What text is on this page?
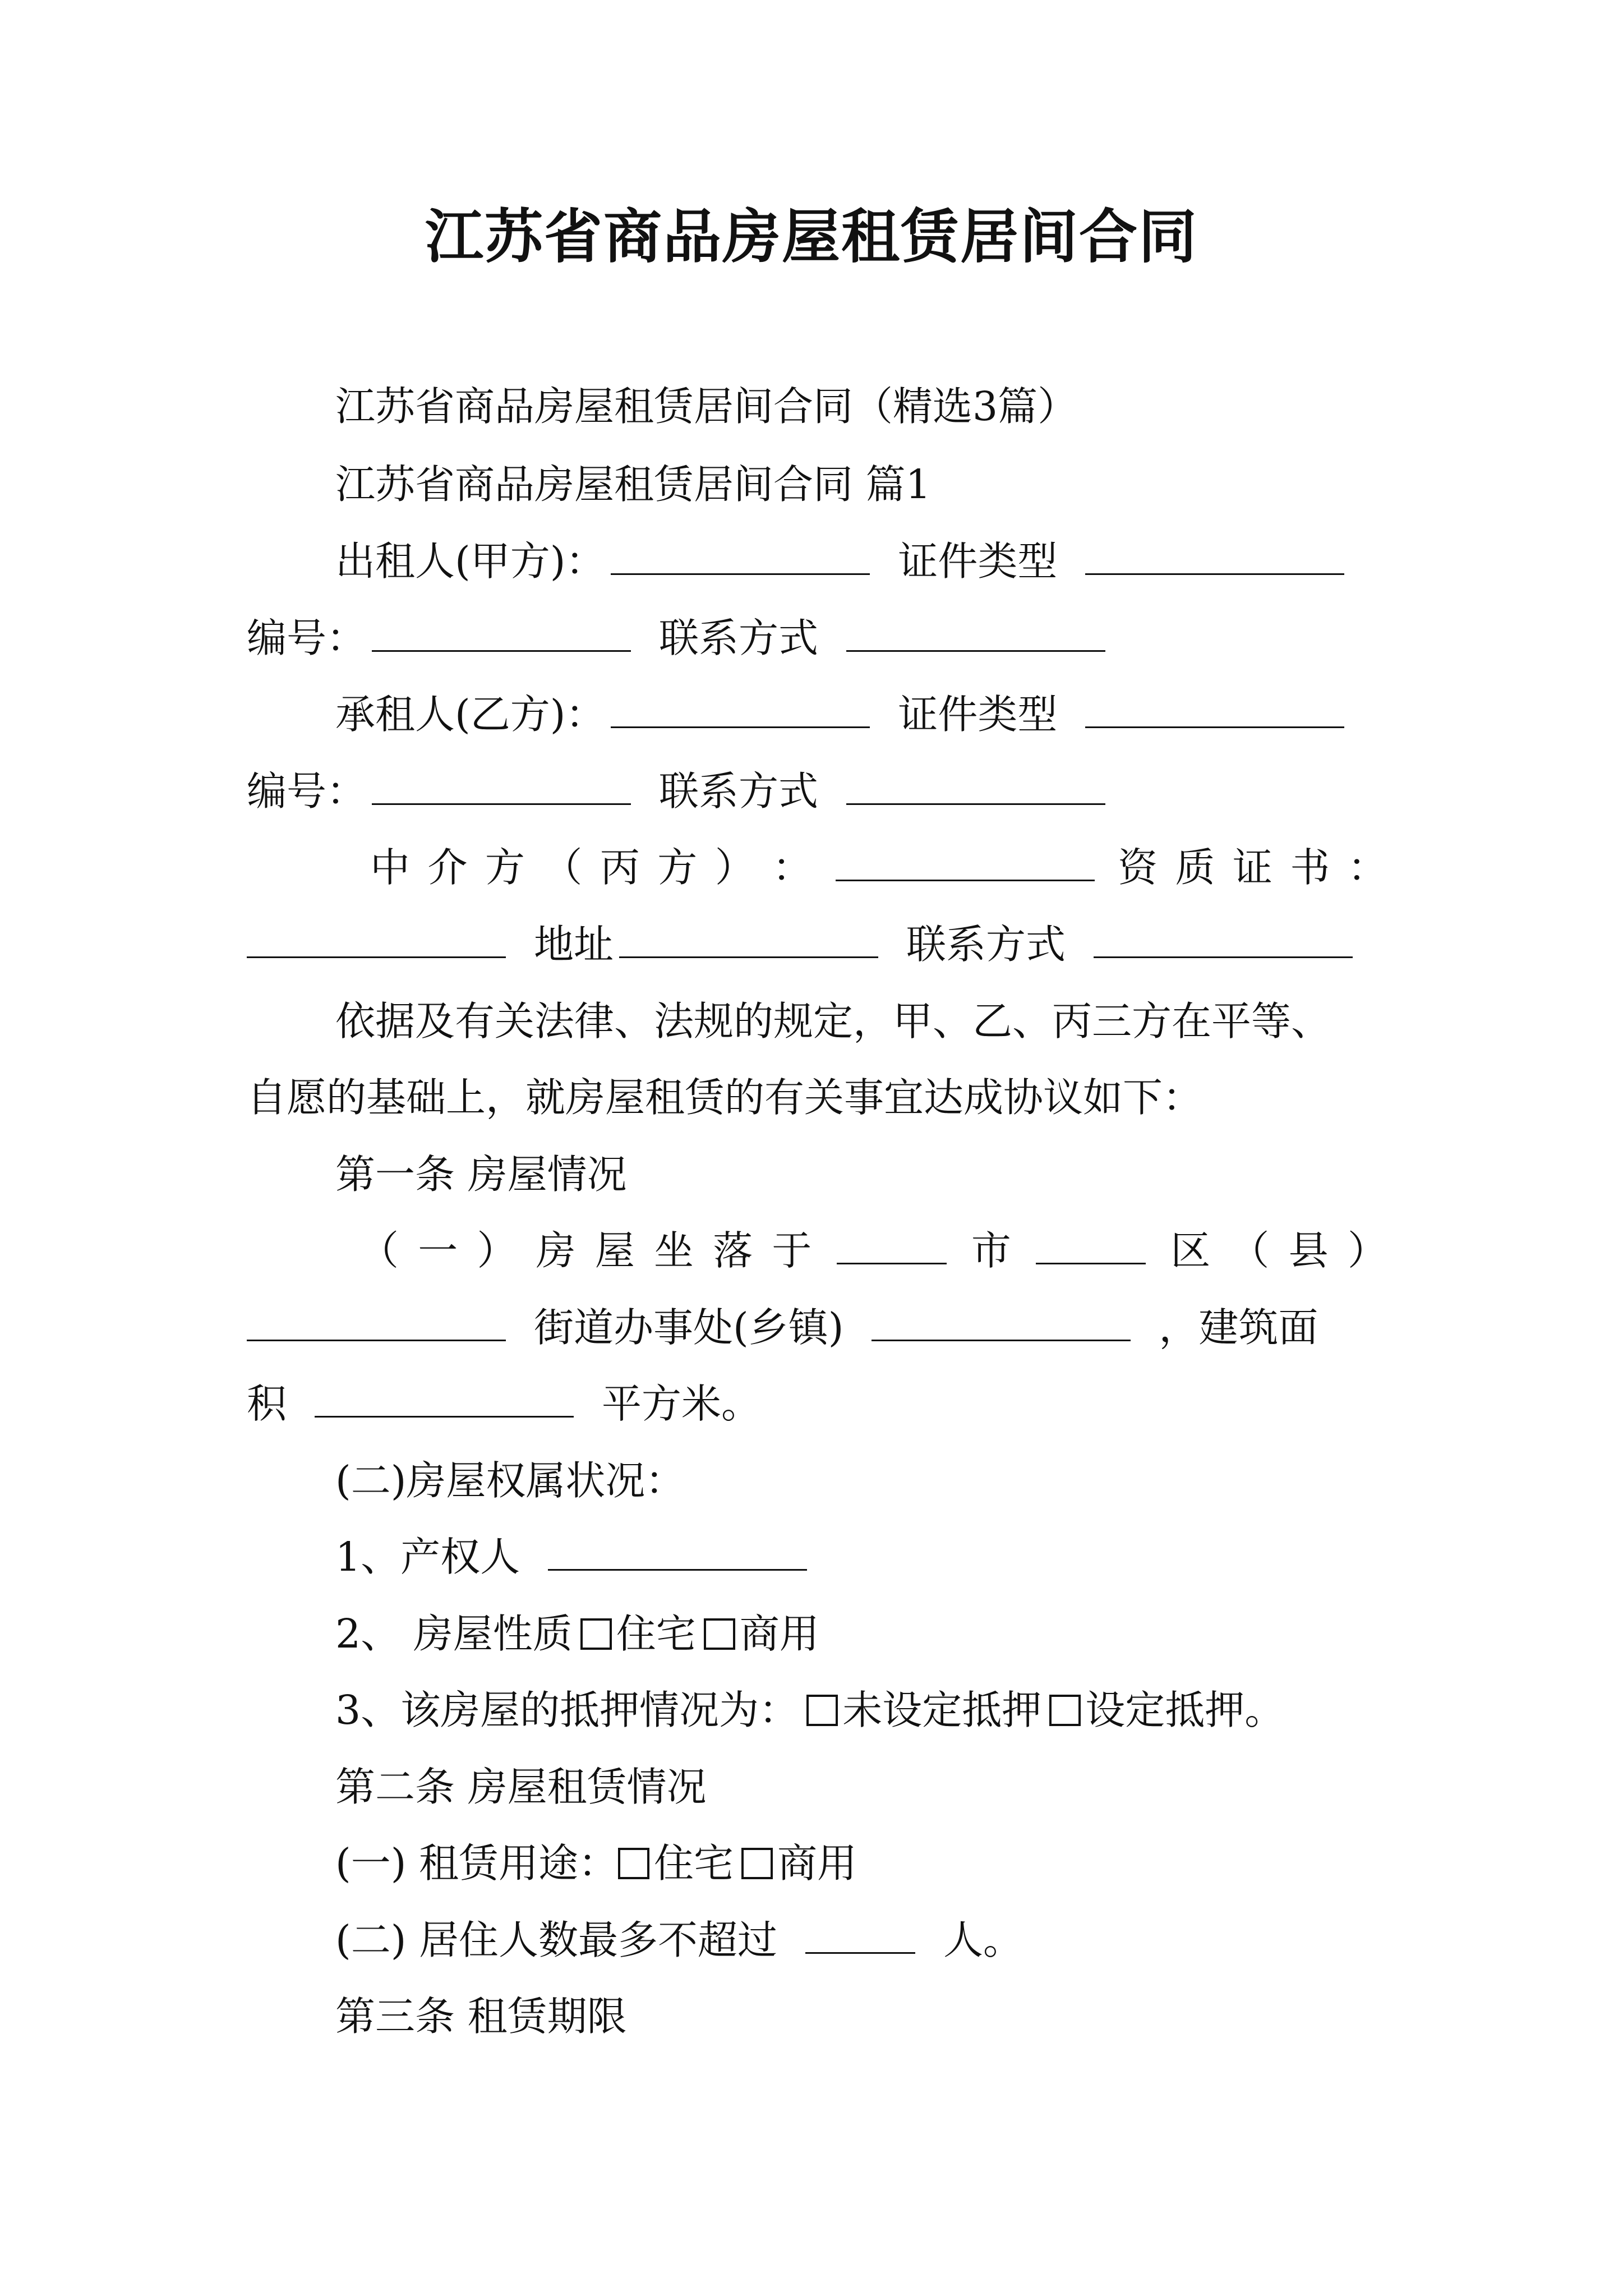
江苏省商品房屋租赁居间合同
江苏省商品房屋租赁居间合同（精选3篇）
江苏省商品房屋租赁居间合同 篇1
出租人(甲方)：	证件类型
编号：	联系方式
承租人(乙方)：	证件类型
编号：	联系方式
中 介 方 （ 丙 方 ） ：	资 质 证 书 ：
地址	联系方式
依据及有关法律、法规的规定，甲、乙、丙三方在平等、
自愿的基础上，就房屋租赁的有关事宜达成协议如下：
第一条 房屋情况
（ 一 ） 房 屋 坐 落 于	市	区 （ 县 ）
街道办事处(乡镇)	，建筑面
积	平方米。
(二)房屋权属状况：
1、产权人
2、 房屋性质 住宅 商用
3、该房屋的抵押情况为： 未设定抵押 设定抵押。
第二条 房屋租赁情况
(一) 租赁用途： 住宅 商用
(二) 居住人数最多不超过	人。
第三条 租赁期限
